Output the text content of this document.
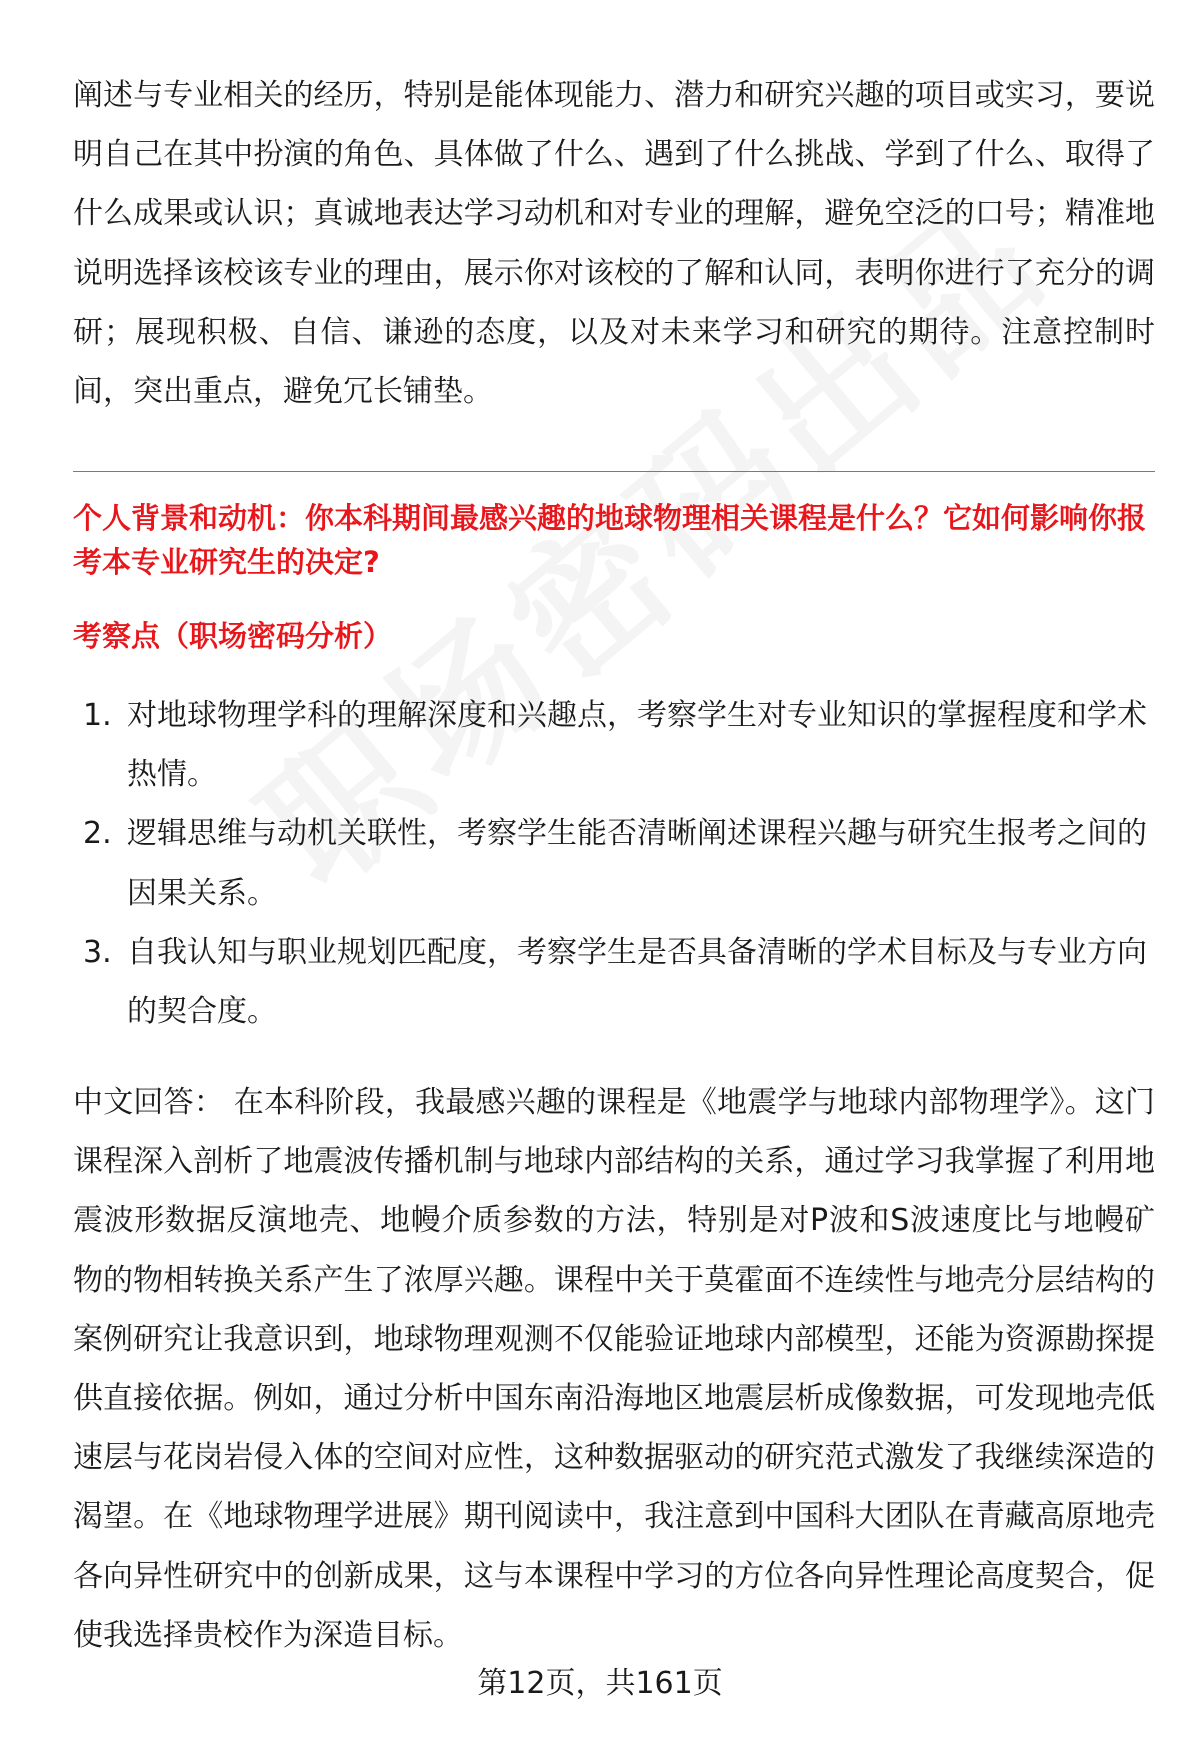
阐述与专业相关的经历，特别是能体现能力、潜力和研究兴趣的项目或实习，要说明自己在其中扮演的角色、具体做了什么、遇到了什么挑战、学到了什么、取得了什么成果或认识；真诚地表达学习动机和对专业的理解，避免空泛的口号；精准地说明选择该校该专业的理由，展示你对该校的了解和认同，表明你进行了充分的调研；展现积极、自信、谦逊的态度，以及对未来学习和研究的期待。注意控制时间，突出重点，避免冗长铺垫。

个人背景和动机：你本科期间最感兴趣的地球物理相关课程是什么？它如何影响你报考本专业研究生的决定?

考察点（职场密码分析）

1. 对地球物理学科的理解深度和兴趣点，考察学生对专业知识的掌握程度和学术热情。
2. 逻辑思维与动机关联性，考察学生能否清晰阐述课程兴趣与研究生报考之间的因果关系。
3. 自我认知与职业规划匹配度，考察学生是否具备清晰的学术目标及与专业方向的契合度。

中文回答： 在本科阶段，我最感兴趣的课程是《地震学与地球内部物理学》。这门课程深入剖析了地震波传播机制与地球内部结构的关系，通过学习我掌握了利用地震波形数据反演地壳、地幔介质参数的方法，特别是对P波和S波速度比与地幔矿物的物相转换关系产生了浓厚兴趣。课程中关于莫霍面不连续性与地壳分层结构的案例研究让我意识到，地球物理观测不仅能验证地球内部模型，还能为资源勘探提供直接依据。例如，通过分析中国东南沿海地区地震层析成像数据，可发现地壳低速层与花岗岩侵入体的空间对应性，这种数据驱动的研究范式激发了我继续深造的渴望。在《地球物理学进展》期刊阅读中，我注意到中国科大团队在青藏高原地壳各向异性研究中的创新成果，这与本课程中学习的方位各向异性理论高度契合，促使我选择贵校作为深造目标。

第12页，共161页
